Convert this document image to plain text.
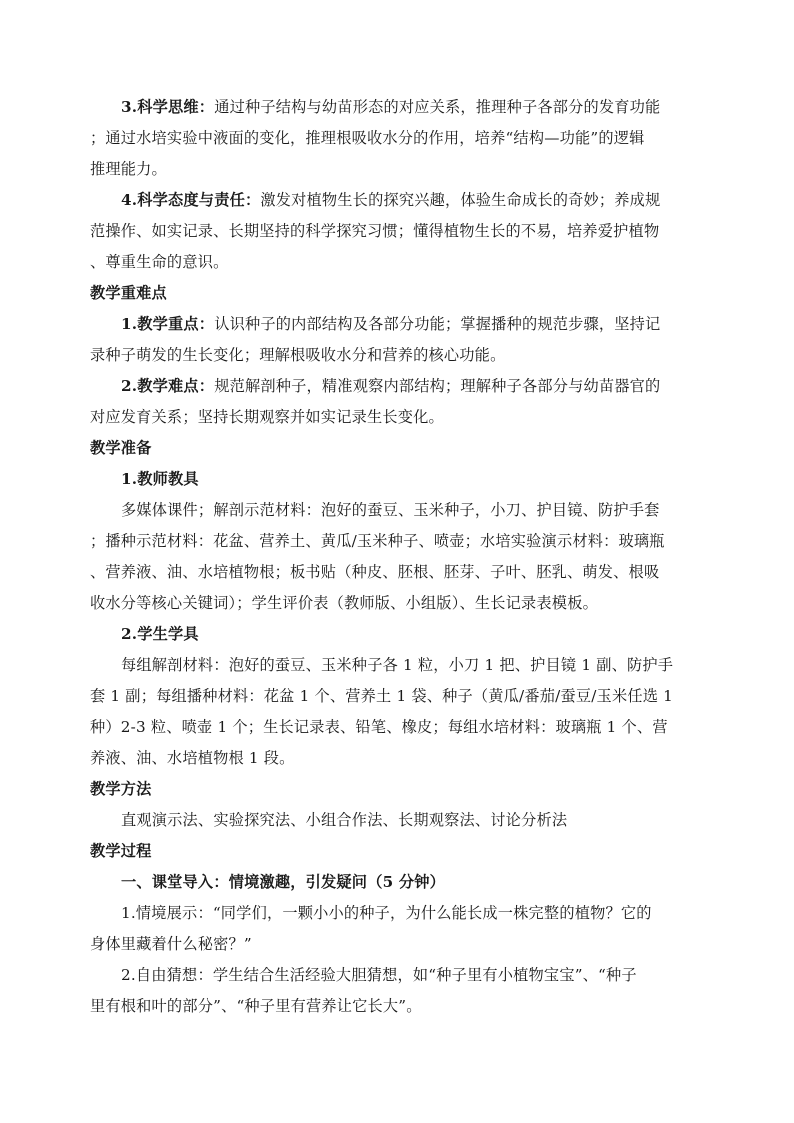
3.科学思维：通过种子结构与幼苗形态的对应关系，推理种子各部分的发育功能
；通过水培实验中液面的变化，推理根吸收水分的作用，培养“结构—功能”的逻辑
推理能力。
4.科学态度与责任：激发对植物生长的探究兴趣，体验生命成长的奇妙；养成规
范操作、如实记录、长期坚持的科学探究习惯；懂得植物生长的不易，培养爱护植物
、尊重生命的意识。
教学重难点
1.教学重点：认识种子的内部结构及各部分功能；掌握播种的规范步骤，坚持记
录种子萌发的生长变化；理解根吸收水分和营养的核心功能。
2.教学难点：规范解剖种子，精准观察内部结构；理解种子各部分与幼苗器官的
对应发育关系；坚持长期观察并如实记录生长变化。
教学准备
1.教师教具
多媒体课件；解剖示范材料：泡好的蚕豆、玉米种子，小刀、护目镜、防护手套
；播种示范材料：花盆、营养土、黄瓜/玉米种子、喷壶；水培实验演示材料：玻璃瓶
、营养液、油、水培植物根；板书贴（种皮、胚根、胚芽、子叶、胚乳、萌发、根吸
收水分等核心关键词）；学生评价表（教师版、小组版）、生长记录表模板。
2.学生学具
每组解剖材料：泡好的蚕豆、玉米种子各 1 粒，小刀 1 把、护目镜 1 副、防护手
套 1 副；每组播种材料：花盆 1 个、营养土 1 袋、种子（黄瓜/番茄/蚕豆/玉米任选 1
种）2-3 粒、喷壶 1 个；生长记录表、铅笔、橡皮；每组水培材料：玻璃瓶 1 个、营
养液、油、水培植物根 1 段。
教学方法
直观演示法、实验探究法、小组合作法、长期观察法、讨论分析法
教学过程
一、课堂导入：情境激趣，引发疑问（5 分钟）
1.情境展示：“同学们，一颗小小的种子，为什么能长成一株完整的植物？它的
身体里藏着什么秘密？”
2.自由猜想：学生结合生活经验大胆猜想，如“种子里有小植物宝宝”、“种子
里有根和叶的部分”、“种子里有营养让它长大”。
